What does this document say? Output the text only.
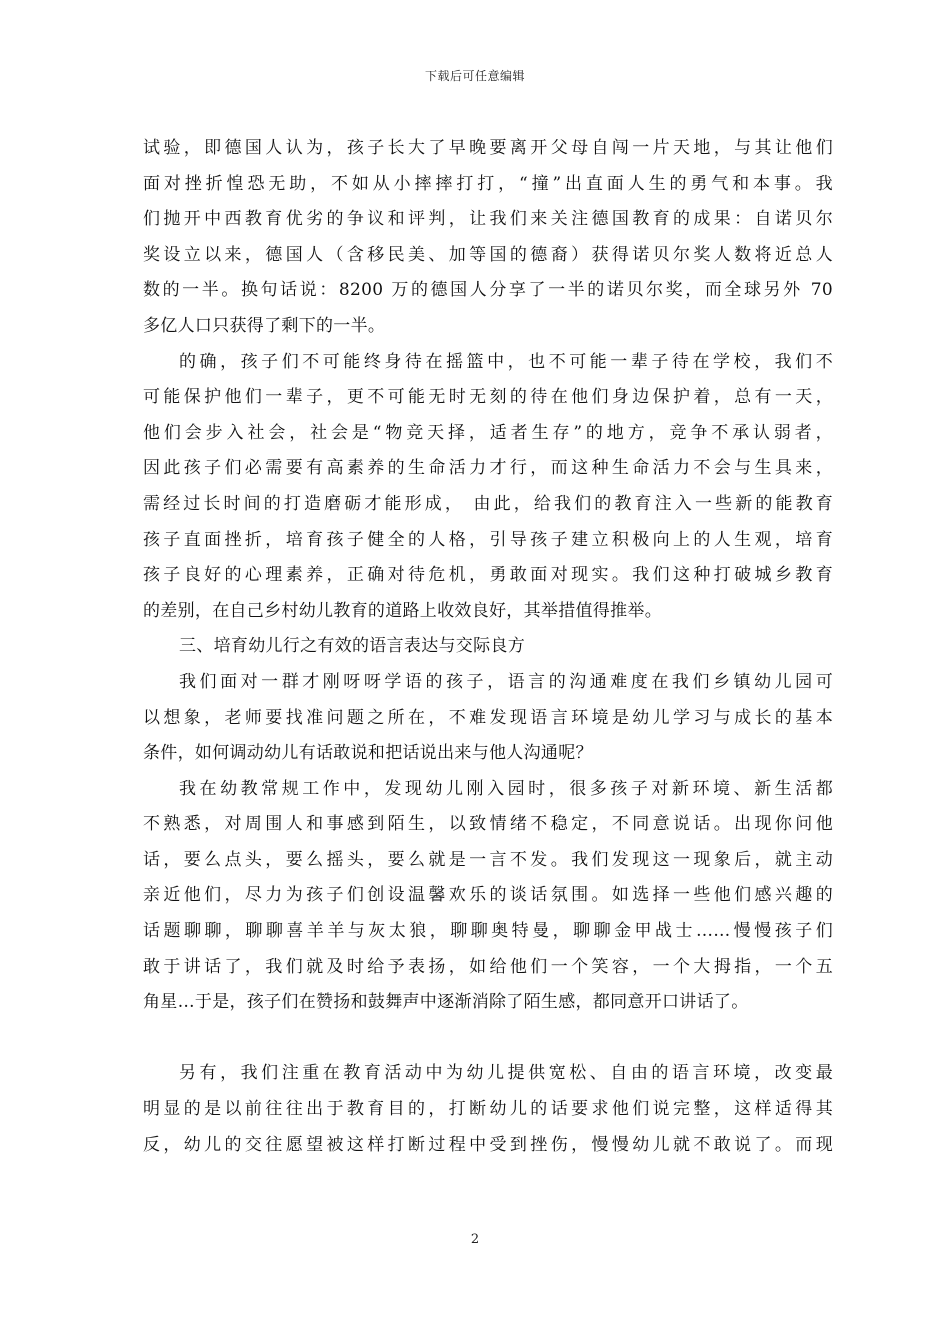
下载后可任意编辑
试验，即德国人认为，孩子长大了早晚要离开父母自闯一片天地，与其让他们
面对挫折惶恐无助，不如从小摔摔打打，“撞”出直面人生的勇气和本事。我
们抛开中西教育优劣的争议和评判，让我们来关注德国教育的成果：自诺贝尔
奖设立以来，德国人（含移民美、加等国的德裔）获得诺贝尔奖人数将近总人
数的一半。换句话说：8200 万的德国人分享了一半的诺贝尔奖，而全球另外 70
多亿人口只获得了剩下的一半。
的确，孩子们不可能终身待在摇篮中，也不可能一辈子待在学校，我们不
可能保护他们一辈子，更不可能无时无刻的待在他们身边保护着，总有一天，
他们会步入社会，社会是“物竞天择，适者生存”的地方，竞争不承认弱者，
因此孩子们必需要有高素养的生命活力才行，而这种生命活力不会与生具来，
需经过长时间的打造磨砺才能形成， 由此，给我们的教育注入一些新的能教育
孩子直面挫折，培育孩子健全的人格，引导孩子建立积极向上的人生观，培育
孩子良好的心理素养，正确对待危机，勇敢面对现实。我们这种打破城乡教育
的差别，在自己乡村幼儿教育的道路上收效良好，其举措值得推举。
三、培育幼儿行之有效的语言表达与交际良方
我们面对一群才刚呀呀学语的孩子，语言的沟通难度在我们乡镇幼儿园可
以想象，老师要找准问题之所在，不难发现语言环境是幼儿学习与成长的基本
条件，如何调动幼儿有话敢说和把话说出来与他人沟通呢？
我在幼教常规工作中，发现幼儿刚入园时，很多孩子对新环境、新生活都
不熟悉，对周围人和事感到陌生，以致情绪不稳定，不同意说话。出现你问他
话，要么点头，要么摇头，要么就是一言不发。我们发现这一现象后，就主动
亲近他们，尽力为孩子们创设温馨欢乐的谈话氛围。如选择一些他们感兴趣的
话题聊聊，聊聊喜羊羊与灰太狼，聊聊奥特曼，聊聊金甲战士……慢慢孩子们
敢于讲话了，我们就及时给予表扬，如给他们一个笑容，一个大拇指，一个五
角星…于是，孩子们在赞扬和鼓舞声中逐渐消除了陌生感，都同意开口讲话了。
另有，我们注重在教育活动中为幼儿提供宽松、自由的语言环境，改变最
明显的是以前往往出于教育目的，打断幼儿的话要求他们说完整，这样适得其
反，幼儿的交往愿望被这样打断过程中受到挫伤，慢慢幼儿就不敢说了。而现
2
